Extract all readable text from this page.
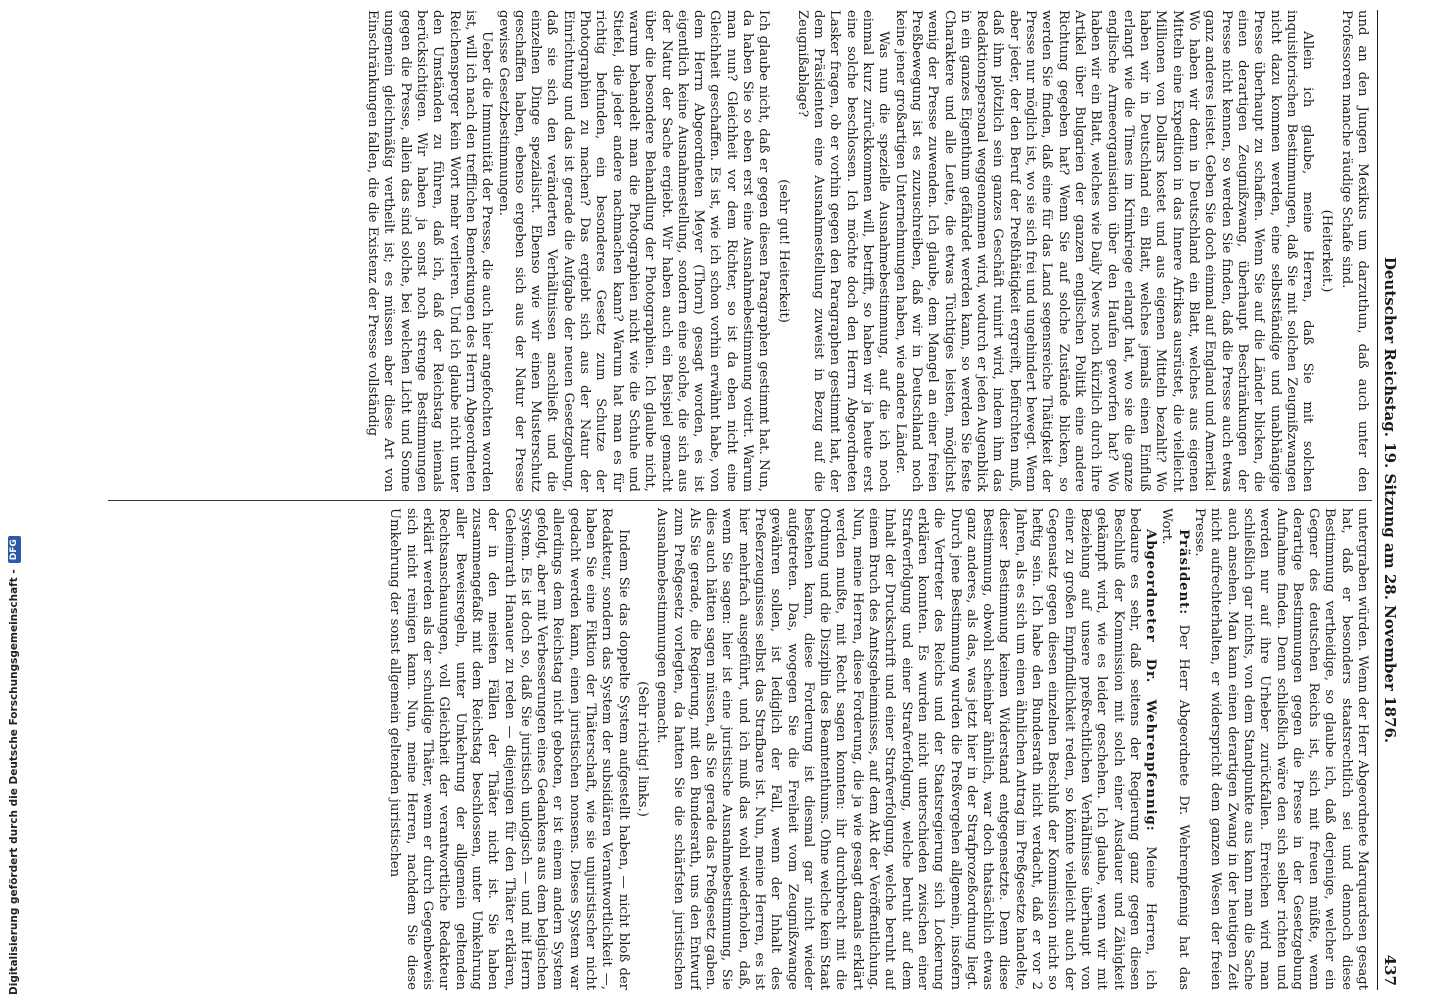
Deutscher Reichstag. 19. Sitzung am 28. November 1876.
437

und an den Jungen Mexikus um darzuthun, daß auch unter den Professoren manche räudige Schafe sind.

(Heiterkeit.)

Allein ich glaube, meine Herren, daß Sie mit solchen inquisitorischen Bestimmungen, daß Sie mit solchen Zeugnißzwangen nicht dazu kommen werden, eine selbstständige und unabhängige Presse überhaupt zu schaffen. Wenn Sie auf die Länder blicken, die einen derartigen Zeugnißzwang, überhaupt Beschränkungen der Presse nicht kennen, so werden Sie finden, daß die Presse auch etwas ganz anderes leistet. Geben Sie doch einmal auf England und Amerika! Wo haben wir denn in Deutschland ein Blatt, welches aus eigenen Mitteln eine Expedition in das Innere Afrikas ausrüstet, die vielleicht Millionen von Dollars kostet und aus eigenen Mitteln bezahlt? Wo haben wir in Deutschland ein Blatt, welches jemals einen Einfluß erlangt wie die Times im Krimkriege erlangt hat, wo sie die ganze englische Armeeorganisation über den Haufen geworfen hat? Wo haben wir ein Blatt, welches wie Daily News noch kürzlich durch ihre Artikel über Bulgarien der ganzen englischen Politik eine andere Richtung gegeben hat? Wenn Sie auf solche Zustände blicken, so werden Sie finden, daß eine für das Land segensreiche Thätigkeit der Presse nur möglich ist, wo sie sich frei und ungehindert bewegt. Wenn aber jeder, der den Beruf der Preßthätigkeit ergreift, befürchten muß, daß ihm plötzlich sein ganzes Geschäft ruinirt wird, indem ihm das Redaktionspersonal weggenommen wird, wodurch er jeden Augenblick in ein ganzes Eigenthum gefährdet werden kann, so werden Sie feste Charaktere und alle Leute, die etwas Tüchtiges leisten, möglichst wenig der Presse zuwenden. Ich glaube, dem Mangel an einer freien Preßbewegung ist es zuzuschreiben, daß wir in Deutschland noch keine jener großartigen Unternehmungen haben, wie andere Länder.

Was nun die spezielle Ausnahmebestimmung, auf die ich noch einmal kurz zurückkommen will, betrifft, so haben wir ja heute erst eine solche beschlossen. Ich möchte doch den Herrn Abgeordneten Lasker fragen, ob er vorhin gegen den Paragraphen gestimmt hat, der dem Präsidenten eine Ausnahmestellung zuweist in Bezug auf die Zeugnißablage?

(sehr gut! Heiterkeit)

Ich glaube nicht, daß er gegen diesen Paragraphen gestimmt hat. Nun, da haben Sie so eben erst eine Ausnahmebestimmung votirt. Warum man nun? Gleichheit vor dem Richter, so ist da eben nicht eine Gleichheit geschaffen. Es ist, wie ich schon vorhin erwähnt habe, von dem Herrn Abgeordneten Meyer (Thorn) gesagt worden, es ist eigentlich keine Ausnahmestellung, sondern eine solche, die sich aus der Natur der Sache ergiebt. Wir haben auch ein Beispiel gemacht über die besondere Behandlung der Photographien. Ich glaube nicht, warum behandelt man die Photographien nicht wie die Schuhe und Stiefel, die jeder andere nachmachen kann? Warum hat man es für richtig befunden, ein besonderes Gesetz zum Schutze der Photographien zu machen? Das ergiebt sich aus der Natur der Einrichtung und das ist gerade die Aufgabe der neuen Gesetzgebung, daß sie sich den veränderten Verhältnissen anschließt und die einzelnen Dinge spezialisirt. Ebenso wie wir einen Musterschutz geschaffen haben, ebenso ergeben sich aus der Natur der Presse gewisse Gesetzbestimmungen.

Ueber die Immunität der Presse, die auch hier angefochten worden ist, will ich nach den trefflichen Bemerkungen des Herrn Abgeordneten Reichensperger kein Wort mehr verlieren. Und ich glaube nicht unter den Umständen zu führen, daß ich, daß der Reichstag niemals berücksichtigen. Wir haben ja sonst noch strenge Bestimmungen gegen die Presse, allein das sind solche, bei welchen Licht und Sonne ungemein gleichmäßig vertheilt ist; es müssen aber diese Art von Einschränkungen fallen, die die Existenz der Presse vollständig

untergraben würden. Wenn der Herr Abgeordnete Marquardsen gesagt hat, daß er besonders staatsrechtlich sei und dennoch diese Bestimmung vertheidige, so glaube ich, daß derjenige, welcher ein Gegner des deutschen Reichs ist, sich mit freuen müßte, wenn derartige Bestimmungen gegen die Presse in der Gesetzgebung Aufnahme finden. Denn schließlich wäre den sich selber richten und werden nur auf ihre Urheber zurückfallen. Erreichen wird man schließlich gar nichts, von dem Standpunkte aus kann man die Sache auch ansehen. Man kann einen derartigen Zwang in der heutigen Zeit nicht aufrechterhalten, er widerspricht dem ganzen Wesen der freien Presse.

Präsident: Der Herr Abgeordnete Dr. Wehrenpfennig hat das Wort.

Abgeordneter Dr. Wehrenpfennig: Meine Herren, ich bedaure es sehr, daß seitens der Regierung ganz gegen diesen Beschluß der Kommission mit solch einer Ausdauer und Zähigkeit gekämpft wird, wie es leider geschehen. Ich glaube, wenn wir mit Beziehung auf unsere preßrechtlichen Verhältnisse überhaupt von einer zu großen Empfindlichkeit reden, so könnte vielleicht auch der Gegensatz gegen diesen einzelnen Beschluß der Kommission nicht so heftig sein. Ich habe den Bundesrath nicht verdacht, daß er vor 2 Jahren, als es sich um einen ähnlichen Antrag im Preßgesetze handelte, dieser Bestimmung keinen Widerstand entgegensetzte. Denn diese Bestimmung, obwohl scheinbar ähnlich, war doch thatsächlich etwas ganz anderes, als das, was jetzt hier in der Strafprozeßordnung liegt. Durch jene Bestimmung wurden die Preßvergehen allgemein, insofern die Vertreter des Reichs und der Staatsregierung sich Lockerung erklären konnten. Es wurden nicht unterschieden zwischen einer Strafverfolgung und einer Strafverfolgung, welche beruht auf dem Inhalt der Druckschrift und einer Strafverfolgung, welche beruht auf einem Bruch des Amtsgeheimnisses, auf dem Akt der Veröffentlichung. Nun, meine Herren, diese Forderung, die ja wie gesagt damals erklärt werden mußte, mit Recht sagen konnten: ihr durchbrecht mit die Ordnung und die Disziplin des Beamtenthums. Ohne welche kein Staat bestehen kann, diese Forderung ist diesmal gar nicht wieder aufgetreten. Das, wogegen Sie die Freiheit vom Zeugnißzwange gewähren sollen, ist lediglich der Fall, wenn der Inhalt des Preßerzeugnisses selbst das Strafbare ist. Nun, meine Herren, es ist hier mehrfach ausgeführt, und ich muß das wohl wiederholen, daß, wenn Sie sagen: hier ist eine juristische Ausnahmebestimmung, Sie dies auch hätten sagen müssen, als Sie gerade das Preßgesetz gaben. Als Sie gerade, die Regierung, mit den Bundesrath, uns den Entwurf zum Preßgesetz vorlegten, da hatten Sie die schärfsten juristischen Ausnahmebestimmungen gemacht.

(Sehr richtig! links.)

Indem Sie das doppelte System aufgestellt haben, — nicht bloß der Redakteur, sondern das System der subsidiären Verantwortlichkeit —, haben Sie eine Fiktion der Thäterschaft, wie sie unjuristischer nicht gedacht werden kann, einen juristischen nonsens. Dieses System war allerdings dem Reichstag nicht geboten, er ist einem andern System gefolgt, aber mit Verbesserungen eines Gedankens aus dem belgischen System. Es ist doch so, daß Sie juristisch unlogisch — und mit Herrn Geheimrath Hanauer zu reden — diejenigen für den Thäter erklären, der in den meisten Fällen der Thäter nicht ist. Sie haben zusammengefaßt mit dem Reichstag beschlossen, unter Umkehrung aller Beweisregeln, unter Umkehrung der allgemein geltenden Rechtsanschauungen, voll Gleichheit der verantwortliche Redakteur erklärt werden als der schuldige Thäter, wenn er durch Gegenbeweis sich nicht reinigen kann. Nun, meine Herren, nachdem Sie diese Umkehrung der sonst allgemein geltenden juristischen

Digitalisierung gefördert durch die Deutsche Forschungsgemeinschaft -
DFG
